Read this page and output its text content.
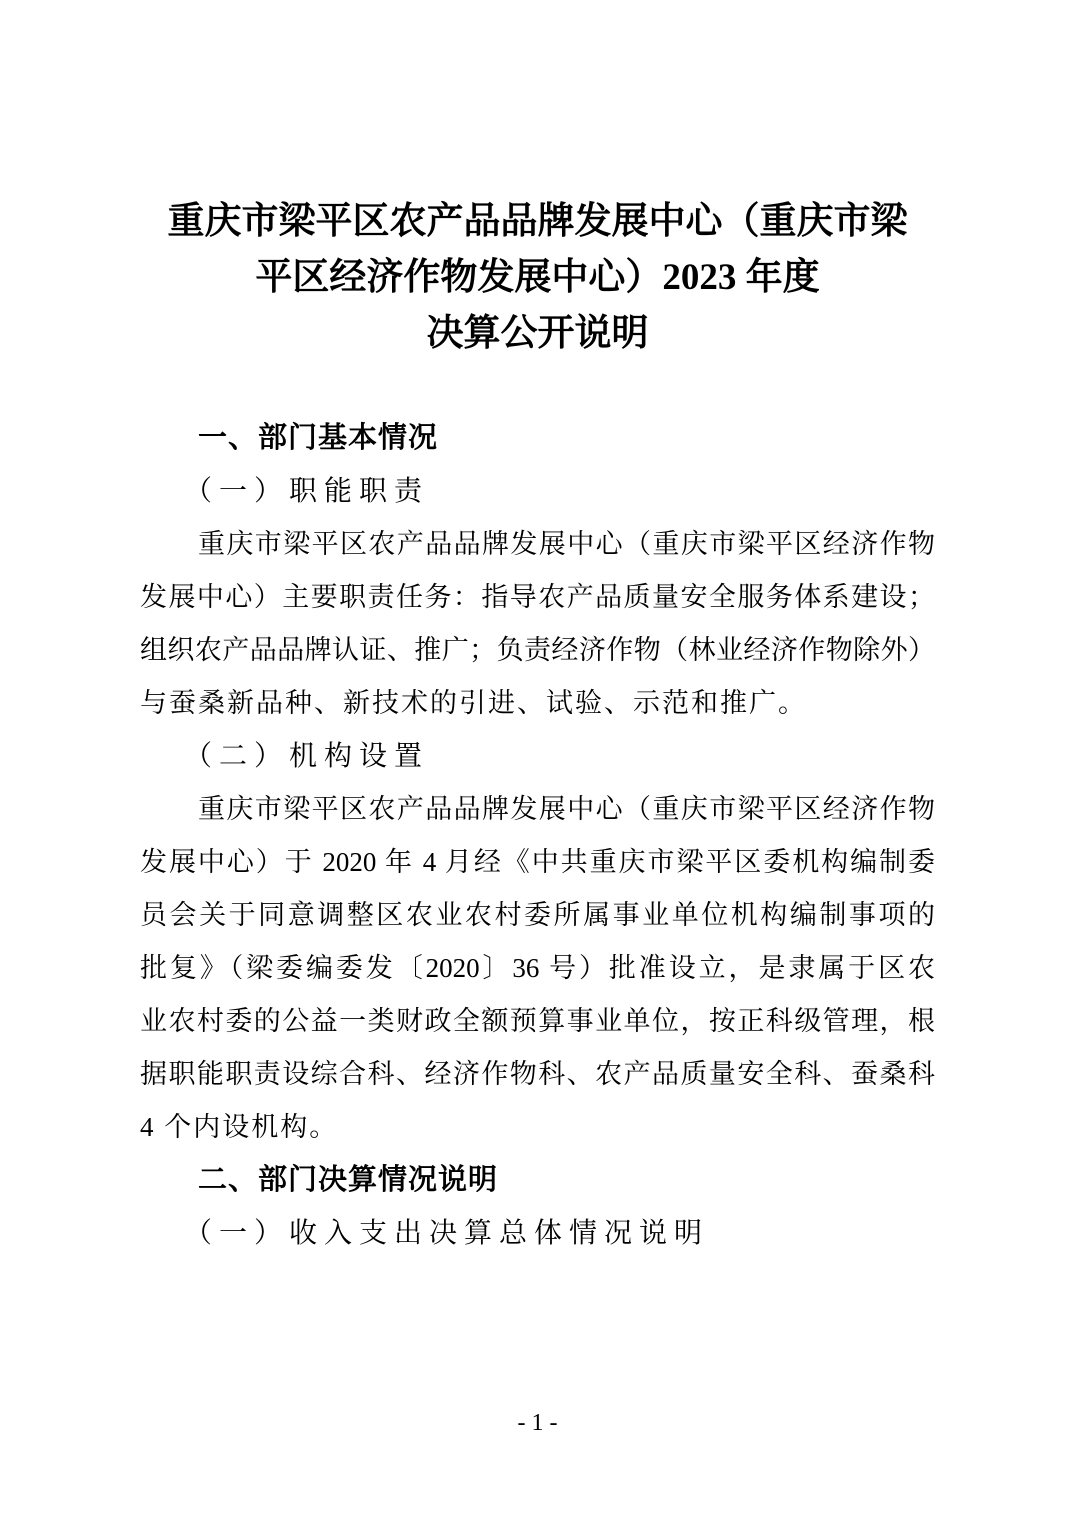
重庆市梁平区农产品品牌发展中心（重庆市梁
平区经济作物发展中心）2023 年度
决算公开说明
一、部门基本情况
（一）职能职责
重庆市梁平区农产品品牌发展中心（重庆市梁平区经济作物
发展中心）主要职责任务：指导农产品质量安全服务体系建设；
组织农产品品牌认证、推广；负责经济作物（林业经济作物除外）
与蚕桑新品种、新技术的引进、试验、示范和推广。
（二）机构设置
重庆市梁平区农产品品牌发展中心（重庆市梁平区经济作物
发展中心）于 2020 年 4 月经《中共重庆市梁平区委机构编制委
员会关于同意调整区农业农村委所属事业单位机构编制事项的
批复》（梁委编委发〔2020〕36 号）批准设立，是隶属于区农
业农村委的公益一类财政全额预算事业单位，按正科级管理，根
据职能职责设综合科、经济作物科、农产品质量安全科、蚕桑科
4 个内设机构。
二、部门决算情况说明
（一）收入支出决算总体情况说明
- 1 -
